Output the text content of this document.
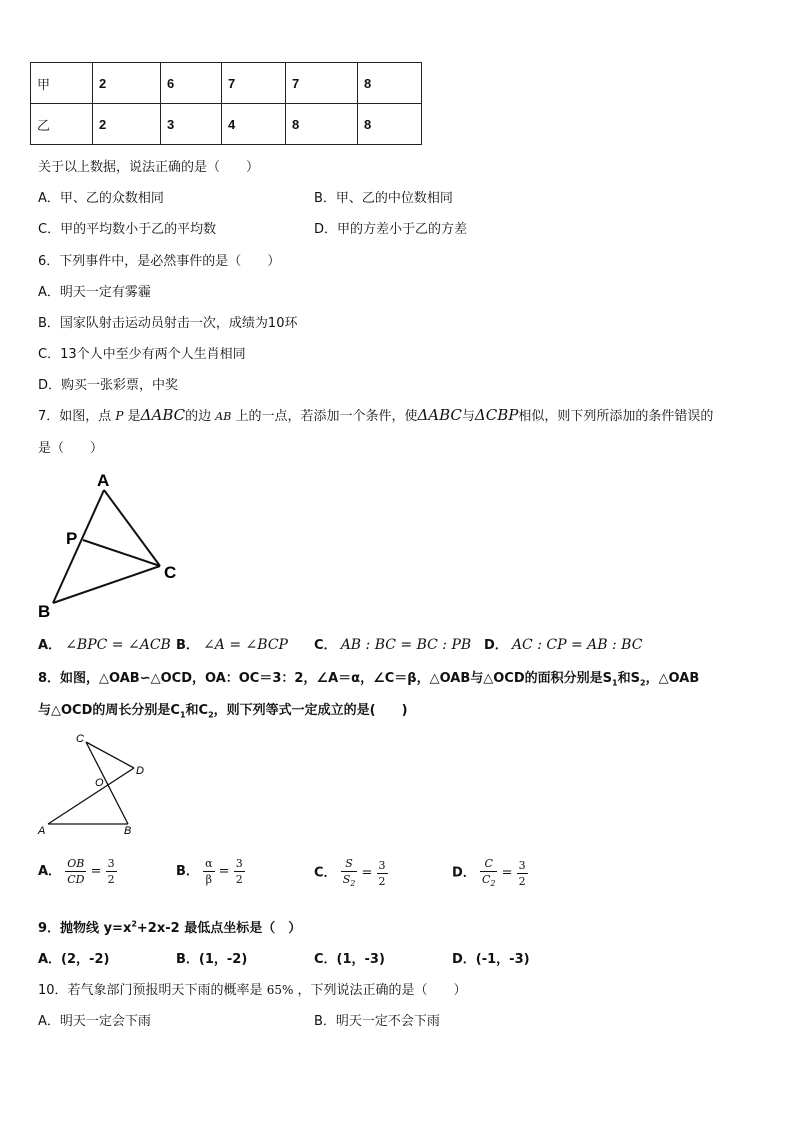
甲	2	6	7	7	8
乙	2	3	4	8	8
关于以上数据，说法正确的是（　　）
A．甲、乙的众数相同	B．甲、乙的中位数相同
C．甲的平均数小于乙的平均数	D．甲的方差小于乙的方差
6．下列事件中，是必然事件的是（　　）
A．明天一定有雾霾
B．国家队射击运动员射击一次，成绩为10环
C．13个人中至少有两个人生肖相同
D．购买一张彩票，中奖
7．如图，点 P 是ΔABC的边 AB 上的一点，若添加一个条件，使ΔABC与ΔCBP相似，则下列所添加的条件错误的
是（　　）
A
P
C
B
A． ∠BPC = ∠ACB B． ∠A = ∠BCP C． AB : BC = BC : PB D． AC : CP = AB : BC
8．如图，△OAB∽△OCD，OA：OC＝3：2，∠A＝α，∠C＝β，△OAB与△OCD的面积分别是$S_1$和$S_2$，△OAB
与△OCD的周长分别是$C_1$和$C_2$，则下列等式一定成立的是(　　)
C
D
O
A	B
A． $\frac{OB}{CD} = \frac{3}{2}$	B． $\frac{\alpha}{\beta} = \frac{3}{2}$	C． $\frac{S}{S_2} = \frac{3}{2}$	D． $\frac{C}{C_2} = \frac{3}{2}$
9．抛物线 $y=x^2+2x-2$ 最低点坐标是（　）
A．(2，-2)	B．(1，-2)	C．(1，-3)	D．(-1，-3)
10．若气象部门预报明天下雨的概率是 65% ，下列说法正确的是（　　）
A．明天一定会下雨	B．明天一定不会下雨
